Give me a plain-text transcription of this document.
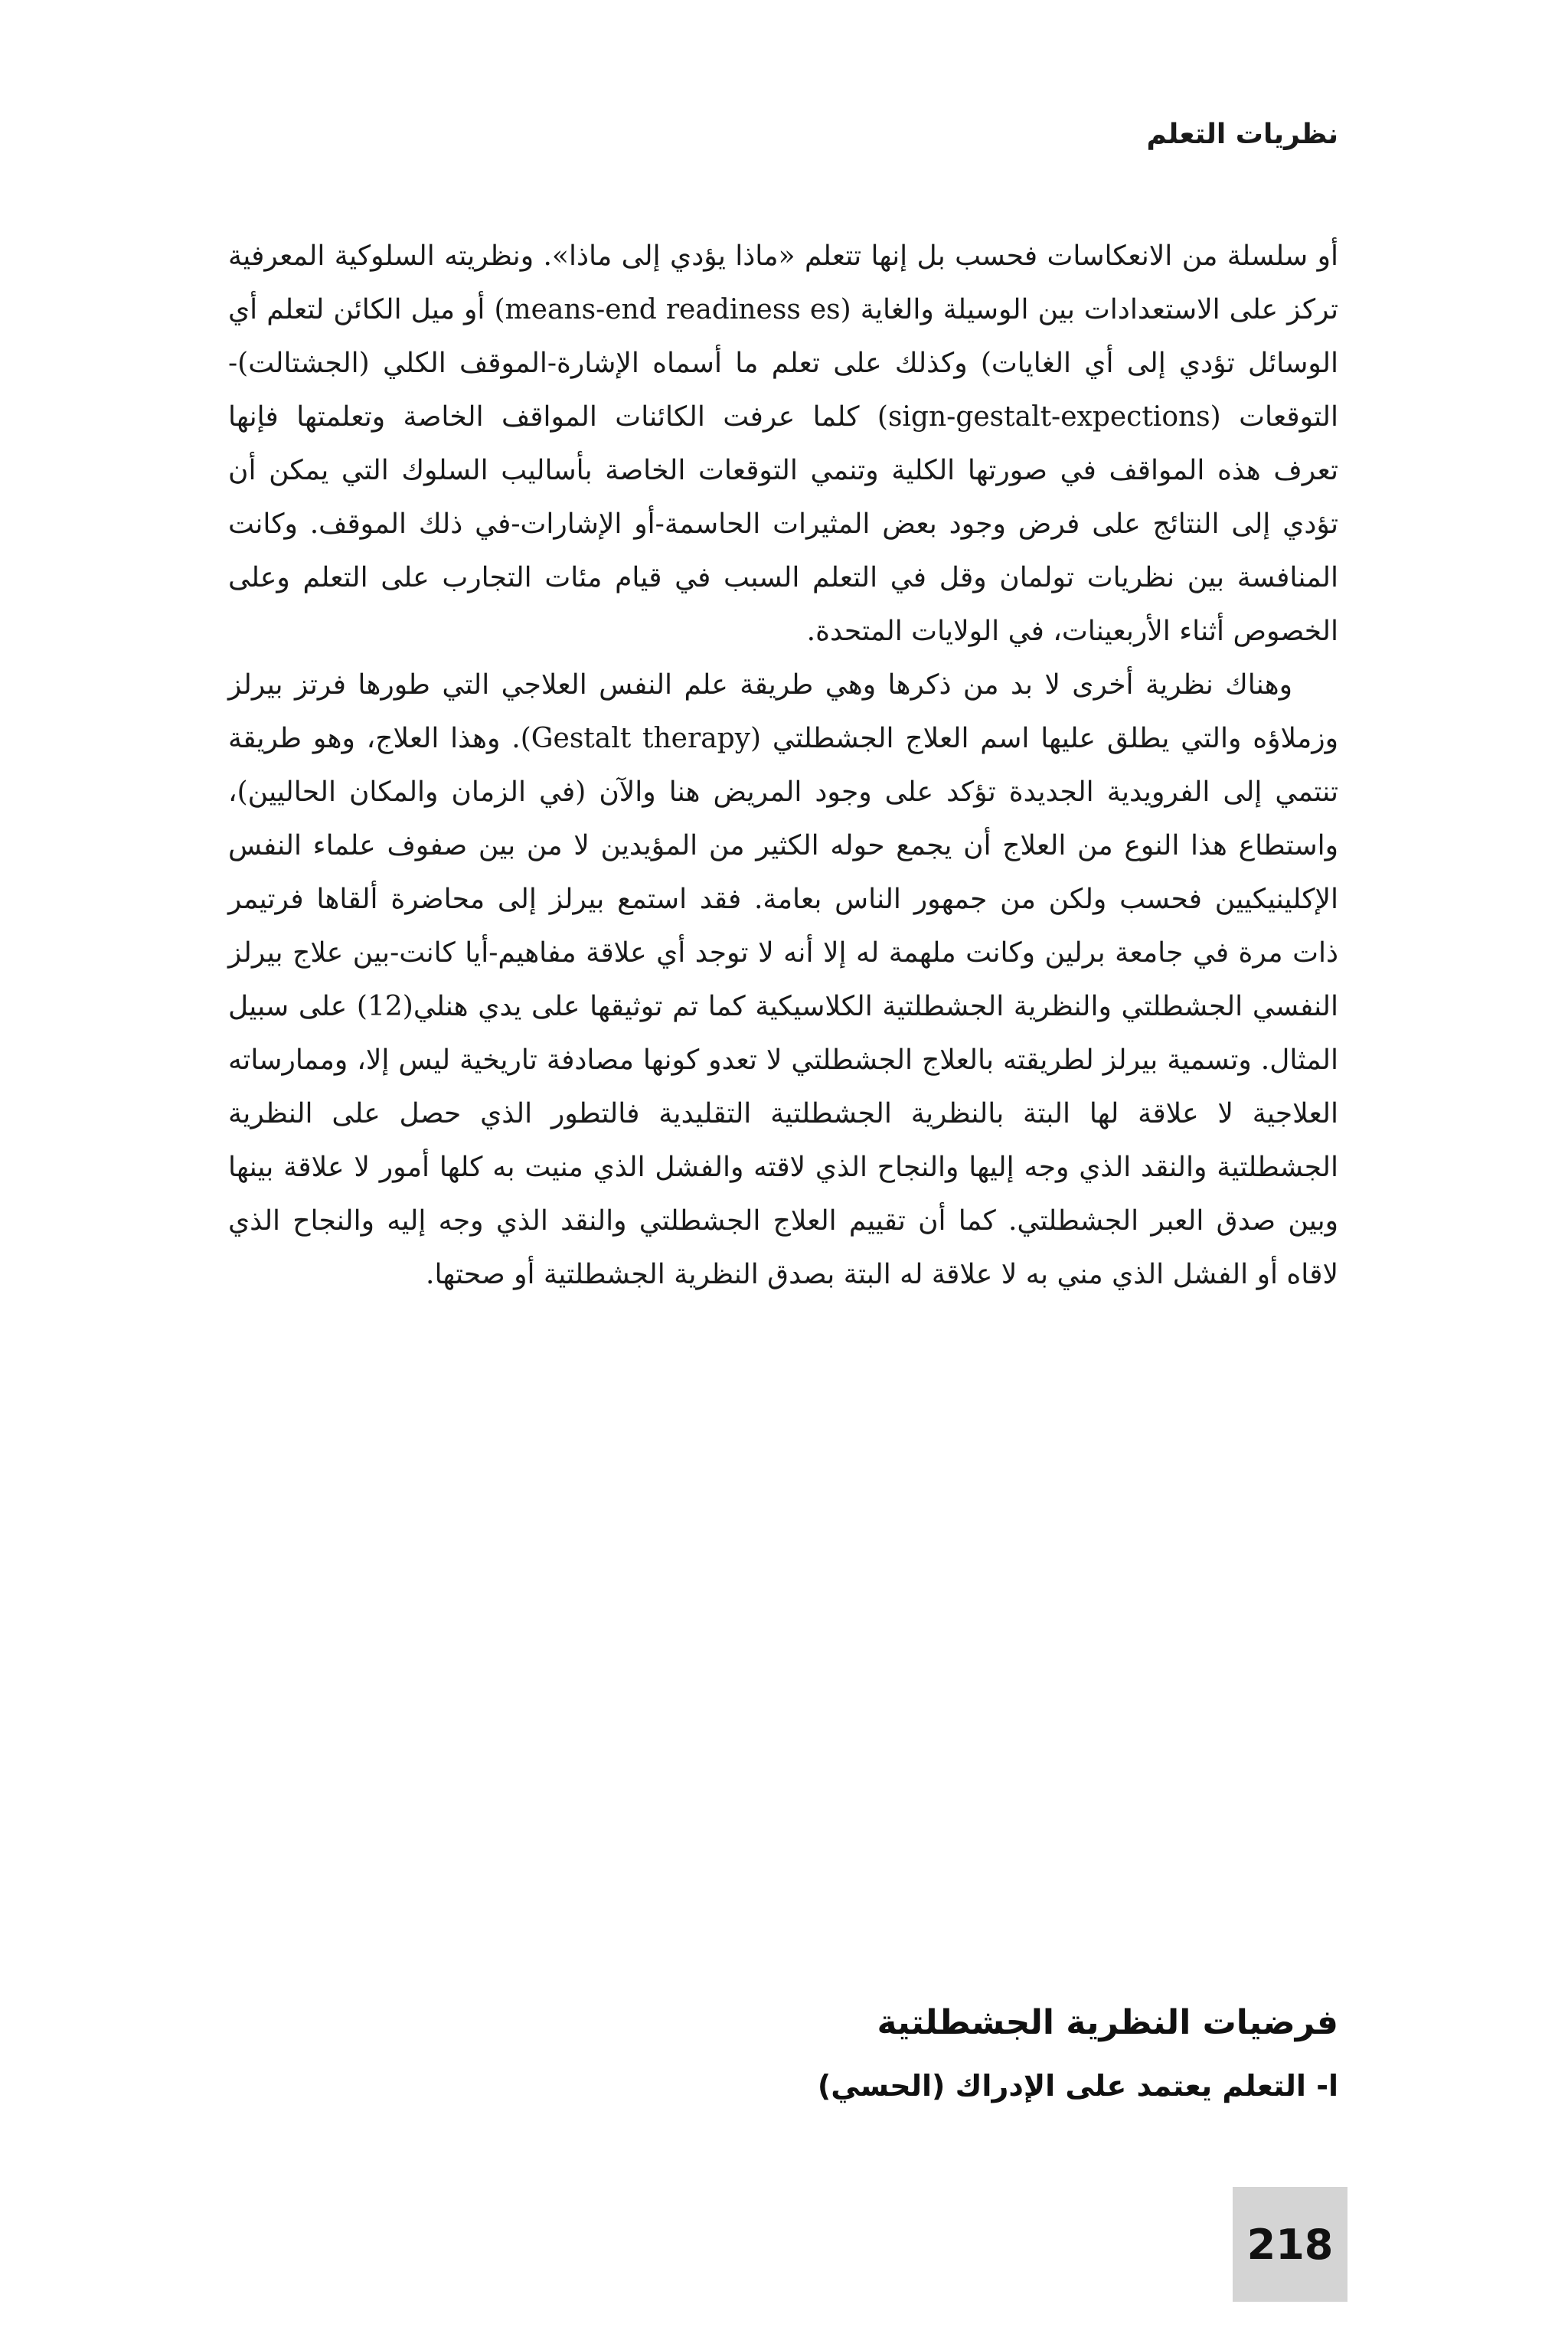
نظريات التعلم

أو سلسلة من الانعكاسات فحسب بل إنها تتعلم «ماذا يؤدي إلى ماذا». ونظريته السلوكية المعرفية تركز على الاستعدادات بين الوسيلة والغاية (means-end readiness es) أو ميل الكائن لتعلم أي الوسائل تؤدي إلى أي الغايات) وكذلك على تعلم ما أسماه الإشارة-الموقف الكلي (الجشتالت)-التوقعات (sign-gestalt-expections) كلما عرفت الكائنات المواقف الخاصة وتعلمتها فإنها تعرف هذه المواقف في صورتها الكلية وتنمي التوقعات الخاصة بأساليب السلوك التي يمكن أن تؤدي إلى النتائج على فرض وجود بعض المثيرات الحاسمة-أو الإشارات-في ذلك الموقف. وكانت المنافسة بين نظريات تولمان وقل في التعلم السبب في قيام مئات التجارب على التعلم وعلى الخصوص أثناء الأربعينات، في الولايات المتحدة.

وهناك نظرية أخرى لا بد من ذكرها وهي طريقة علم النفس العلاجي التي طورها فرتز بيرلز وزملاؤه والتي يطلق عليها اسم العلاج الجشطلتي (Gestalt therapy). وهذا العلاج، وهو طريقة تنتمي إلى الفرويدية الجديدة تؤكد على وجود المريض هنا والآن (في الزمان والمكان الحاليين)، واستطاع هذا النوع من العلاج أن يجمع حوله الكثير من المؤيدين لا من بين صفوف علماء النفس الإكلينيكيين فحسب ولكن من جمهور الناس بعامة. فقد استمع بيرلز إلى محاضرة ألقاها فرتيمر ذات مرة في جامعة برلين وكانت ملهمة له إلا أنه لا توجد أي علاقة مفاهيم-أيا كانت-بين علاج بيرلز النفسي الجشطلتي والنظرية الجشطلتية الكلاسيكية كما تم توثيقها على يدي هنلي(12) على سبيل المثال. وتسمية بيرلز لطريقته بالعلاج الجشطلتي لا تعدو كونها مصادفة تاريخية ليس إلا، وممارساته العلاجية لا علاقة لها البتة بالنظرية الجشطلتية التقليدية فالتطور الذي حصل على النظرية الجشطلتية والنقد الذي وجه إليها والنجاح الذي لاقته والفشل الذي منيت به كلها أمور لا علاقة بينها وبين صدق العبر الجشطلتي. كما أن تقييم العلاج الجشطلتي والنقد الذي وجه إليه والنجاح الذي لاقاه أو الفشل الذي مني به لا علاقة له البتة بصدق النظرية الجشطلتية أو صحتها.

فرضيات النظرية الجشطلتية
ا- التعلم يعتمد على الإدراك (الحسي)
218
